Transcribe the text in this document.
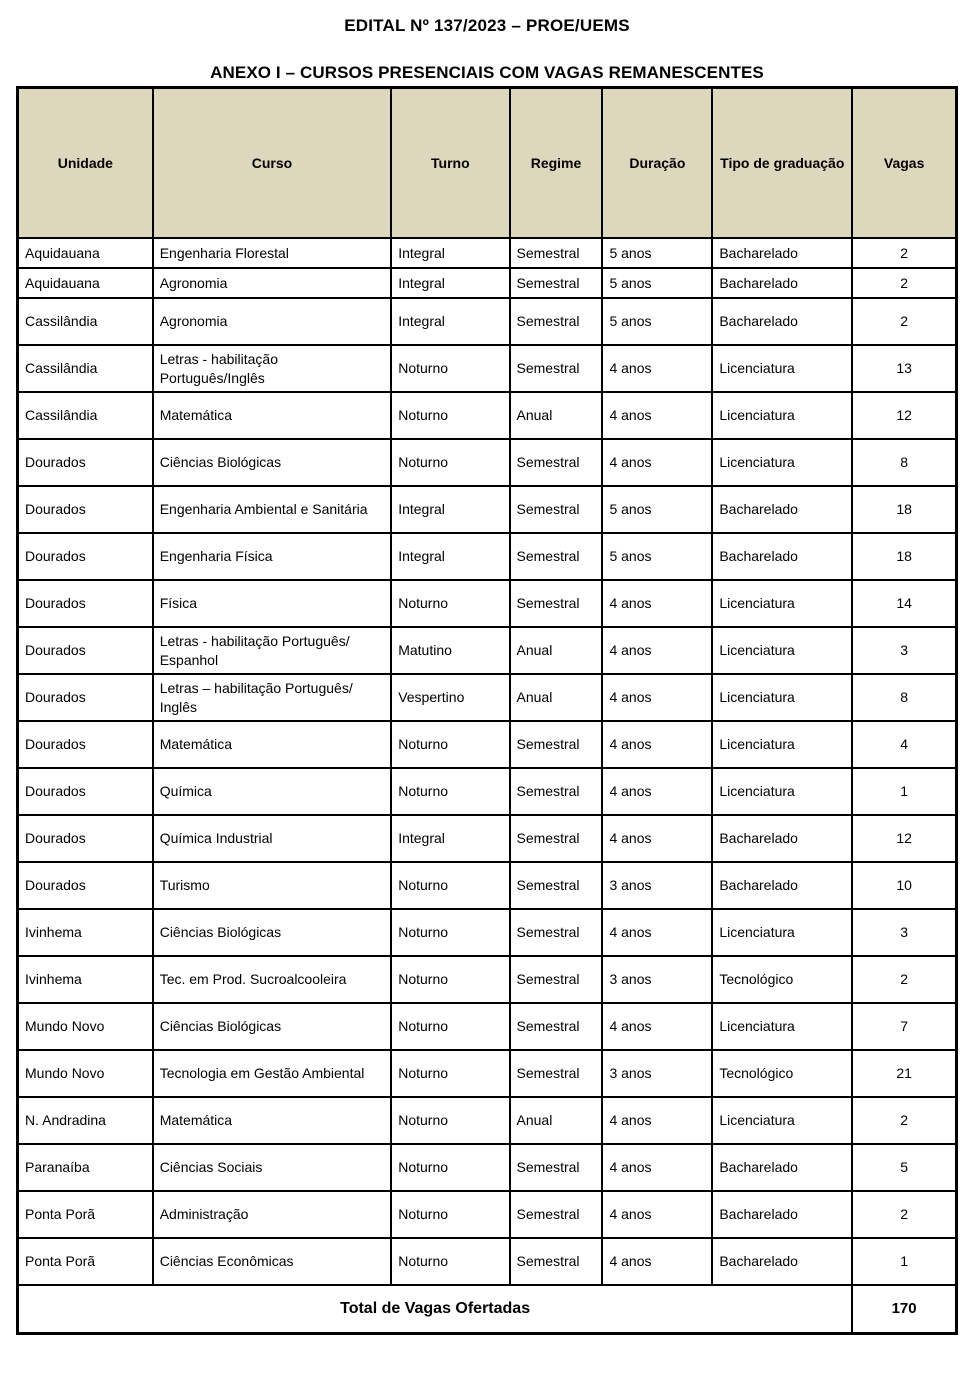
EDITAL Nº 137/2023 – PROE/UEMS
ANEXO I – CURSOS PRESENCIAIS COM VAGAS REMANESCENTES
Unidade	Curso	Turno	Regime	Duração	Tipo de graduação	Vagas
Aquidauana	Engenharia Florestal	Integral	Semestral	5 anos	Bacharelado	2
Aquidauana	Agronomia	Integral	Semestral	5 anos	Bacharelado	2
Cassilândia	Agronomia	Integral	Semestral	5 anos	Bacharelado	2
Cassilândia	Letras - habilitação Português/Inglês	Noturno	Semestral	4 anos	Licenciatura	13
Cassilândia	Matemática	Noturno	Anual	4 anos	Licenciatura	12
Dourados	Ciências Biológicas	Noturno	Semestral	4 anos	Licenciatura	8
Dourados	Engenharia Ambiental e Sanitária	Integral	Semestral	5 anos	Bacharelado	18
Dourados	Engenharia Física	Integral	Semestral	5 anos	Bacharelado	18
Dourados	Física	Noturno	Semestral	4 anos	Licenciatura	14
Dourados	Letras - habilitação Português/ Espanhol	Matutino	Anual	4 anos	Licenciatura	3
Dourados	Letras – habilitação Português/ Inglês	Vespertino	Anual	4 anos	Licenciatura	8
Dourados	Matemática	Noturno	Semestral	4 anos	Licenciatura	4
Dourados	Química	Noturno	Semestral	4 anos	Licenciatura	1
Dourados	Química Industrial	Integral	Semestral	4 anos	Bacharelado	12
Dourados	Turismo	Noturno	Semestral	3 anos	Bacharelado	10
Ivinhema	Ciências Biológicas	Noturno	Semestral	4 anos	Licenciatura	3
Ivinhema	Tec. em Prod. Sucroalcooleira	Noturno	Semestral	3 anos	Tecnológico	2
Mundo Novo	Ciências Biológicas	Noturno	Semestral	4 anos	Licenciatura	7
Mundo Novo	Tecnologia em Gestão Ambiental	Noturno	Semestral	3 anos	Tecnológico	21
N. Andradina	Matemática	Noturno	Anual	4 anos	Licenciatura	2
Paranaíba	Ciências Sociais	Noturno	Semestral	4 anos	Bacharelado	5
Ponta Porã	Administração	Noturno	Semestral	4 anos	Bacharelado	2
Ponta Porã	Ciências Econômicas	Noturno	Semestral	4 anos	Bacharelado	1
Total de Vagas Ofertadas						170
